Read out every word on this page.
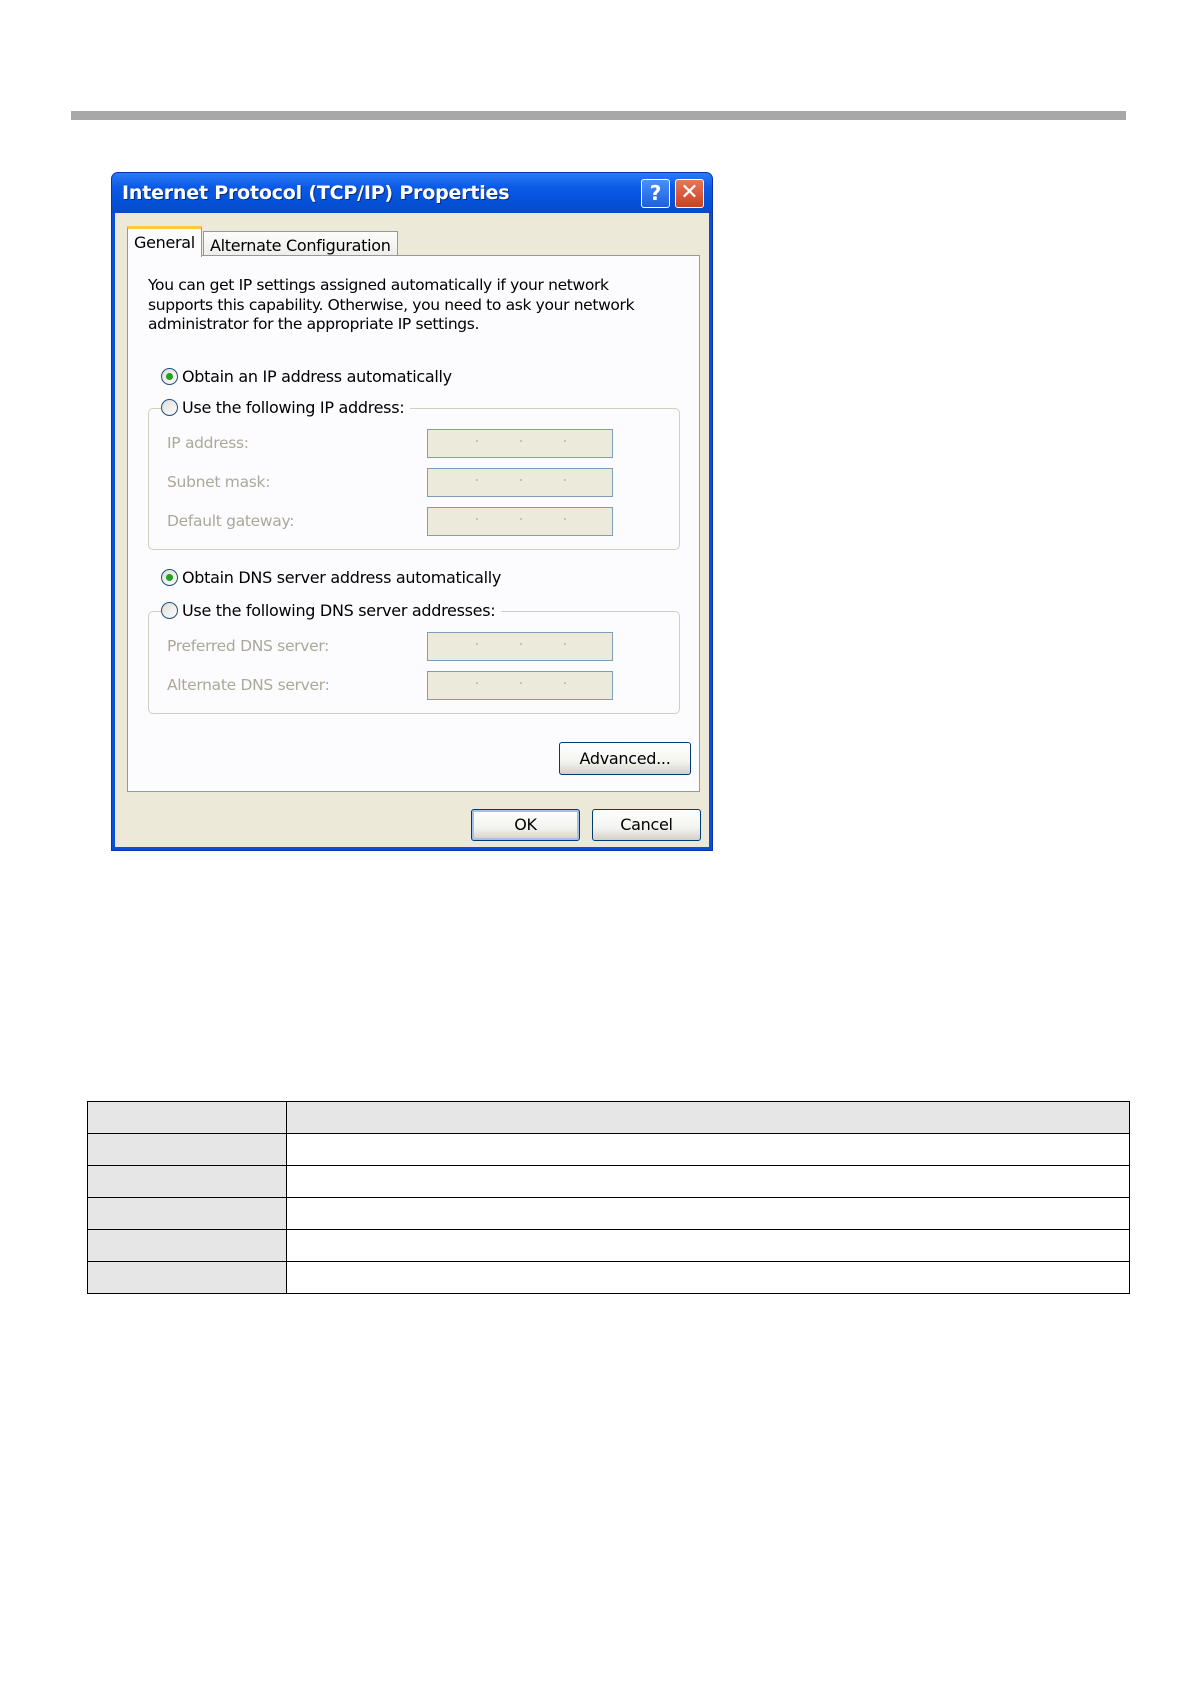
Internet Protocol (TCP/IP) Properties	? ✕
General Alternate Configuration
You can get IP settings assigned automatically if your network supports this capability. Otherwise, you need to ask your network administrator for the appropriate IP settings.
Obtain an IP address automatically
IP address:
Subnet mask:
Default gateway:
Use the following IP address:
Obtain DNS server address automatically
Preferred DNS server:
Alternate DNS server:
Use the following DNS server addresses:
Advanced...
OK	Cancel
